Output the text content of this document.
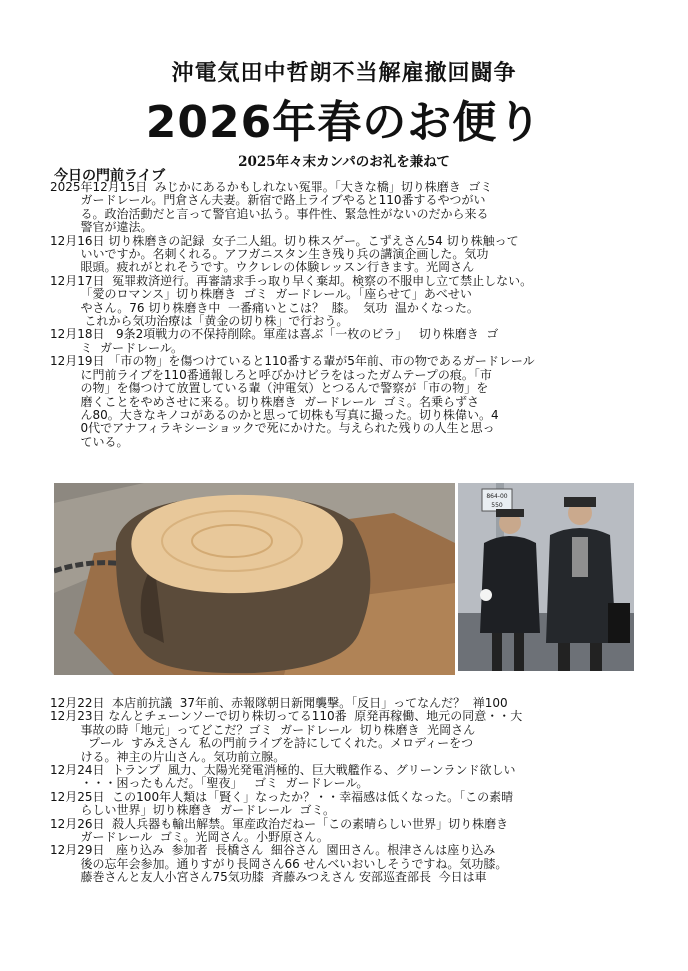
沖電気田中哲朗不当解雇撤回闘争
2026年春のお便り
2025年々末カンパのお礼を兼ねて
今日の門前ライブ
2025年12月15日  みじかにあるかもしれない冤罪。「大きな橋」切り株磨き  ゴミ
ガードレール。門倉さん夫妻。新宿で路上ライブやると110番するやつがい
る。政治活動だと言って警官追い払う。事件性、緊急性がないのだから来る
警官が違法。
12月16日 切り株磨きの記録  女子二人組。切り株スゲー。こずえさん54 切り株触って
いいですか。名刺くれる。アフガニスタン生き残り兵の講演企画した。気功
眼頭。疲れがとれそうです。ウクレレの体験レッスン行きます。光岡さん
12月17日  冤罪救済逆行。再審請求手っ取り早く棄却。検察の不服申し立て禁止しない。
「愛のロマンス」切り株磨き  ゴミ  ガードレール。「座らせて」あべせい
やさん。76 切り株磨き中  一番痛いとこは？  膝。  気功  温かくなった。
これから気功治療は「黄金の切り株」で行おう。
12月18日   9条2項戦力の不保持削除。軍産は喜ぶ「一枚のビラ」   切り株磨き  ゴ
ミ  ガードレール。
12月19日 「市の物」を傷つけていると110番する輩が5年前、市の物であるガードレール
に門前ライブを110番通報しろと呼びかけビラをはったガムテープの痕。「市
の物」を傷つけて放置している輩（沖電気）とつるんで警察が「市の物」を
磨くことをやめさせに来る。切り株磨き  ガードレール  ゴミ。名乗らずさ
ん80。大きなキノコがあるのかと思って切株も写真に撮った。切り株偉い。4
0代でアナフィラキシーショックで死にかけた。与えられた残りの人生と思っ
ている。
864-00
550
12月22日  本店前抗議  37年前、赤報隊朝日新聞襲撃。「反日」ってなんだ？  禅100
12月23日 なんとチェーンソーで切り株切ってる110番  原発再稼働、地元の同意・・大
事故の時「地元」ってどこだ？ゴミ  ガードレール  切り株磨き  光岡さん
プール  すみえさん  私の門前ライブを詩にしてくれた。メロディーをつ
ける。神主の片山さん。気功前立腺。
12月24日  トランプ  風力、太陽光発電消極的、巨大戦艦作る、グリーンランド欲しい
・・・困ったもんだ。「聖夜」   ゴミ  ガードレール。
12月25日  この100年人類は「賢く」なったか？・・幸福感は低くなった。「この素晴
らしい世界」切り株磨き  ガードレール  ゴミ。
12月26日  殺人兵器も輸出解禁。軍産政治だねー「この素晴らしい世界」切り株磨き
ガードレール  ゴミ。光岡さん。小野原さん。
12月29日   座り込み  参加者  長橋さん  細谷さん  園田さん。根津さんは座り込み
後の忘年会参加。通りすがり長岡さん66 せんべいおいしそうですね。気功膝。
藤巻さんと友人小宮さん75気功膝  斉藤みつえさん 安部巡査部長  今日は車
